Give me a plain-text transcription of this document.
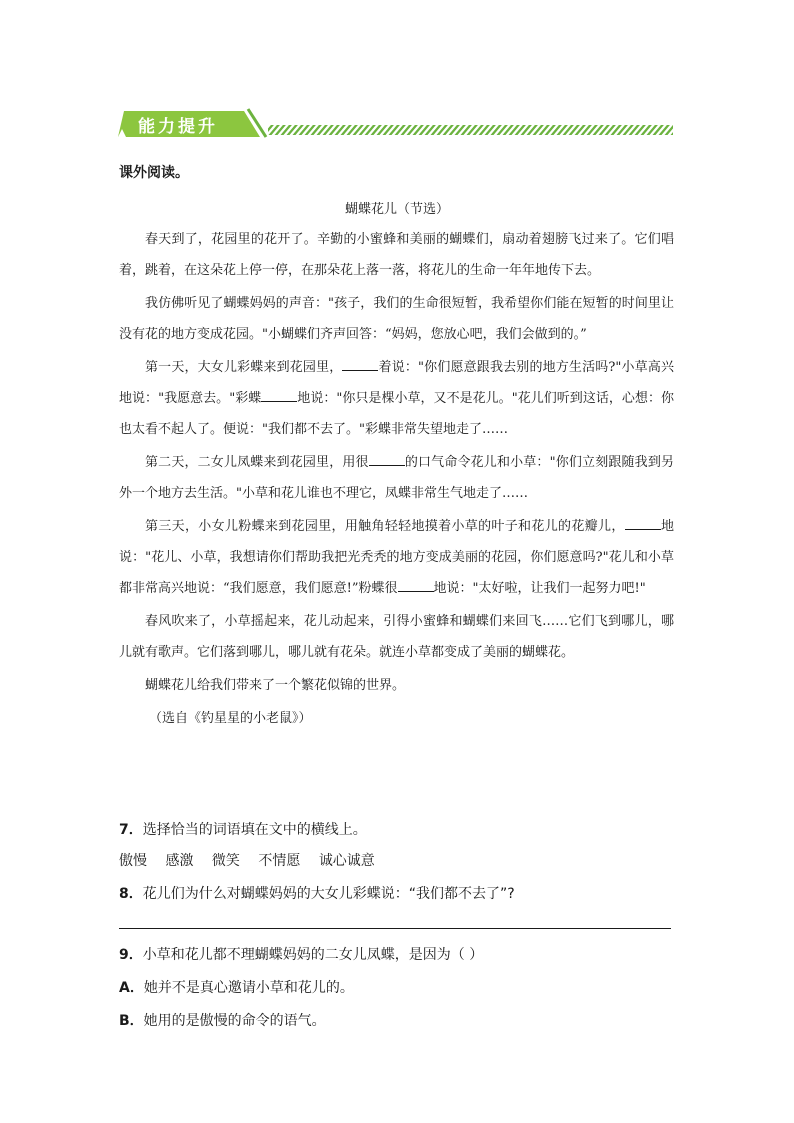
能力提升
课外阅读。
蝴蝶花儿（节选）

春天到了，花园里的花开了。辛勤的小蜜蜂和美丽的蝴蝶们，扇动着翅膀飞过来了。它们唱着，跳着，在这朵花上停一停，在那朵花上落一落，将花儿的生命一年年地传下去。

我仿佛听见了蝴蝶妈妈的声音："孩子，我们的生命很短暂，我希望你们能在短暂的时间里让没有花的地方变成花园。"小蝴蝶们齐声回答：“妈妈，您放心吧，我们会做到的。”

第一天，大女儿彩蝶来到花园里，	着说："你们愿意跟我去别的地方生活吗?"小草高兴地说："我愿意去。"彩蝶	地说："你只是棵小草，又不是花儿。"花儿们听到这话，心想：你也太看不起人了。便说："我们都不去了。"彩蝶非常失望地走了……

第二天，二女儿凤蝶来到花园里，用很	的口气命令花儿和小草："你们立刻跟随我到另外一个地方去生活。"小草和花儿谁也不理它，凤蝶非常生气地走了……

第三天，小女儿粉蝶来到花园里，用触角轻轻地摸着小草的叶子和花儿的花瓣儿，	地说："花儿、小草，我想请你们帮助我把光秃秃的地方变成美丽的花园，你们愿意吗?"花儿和小草都非常高兴地说：“我们愿意，我们愿意!”粉蝶很	地说："太好啦，让我们一起努力吧!"

春风吹来了，小草摇起来，花儿动起来，引得小蜜蜂和蝴蝶们来回飞……它们飞到哪儿，哪儿就有歌声。它们落到哪儿，哪儿就有花朵。就连小草都变成了美丽的蝴蝶花。

蝴蝶花儿给我们带来了一个繁花似锦的世界。

（选自《钓星星的小老鼠》）

7．选择恰当的词语填在文中的横线上。
傲慢 感激 微笑 不情愿 诚心诚意
8．花儿们为什么对蝴蝶妈妈的大女儿彩蝶说：“我们都不去了”?
9．小草和花儿都不理蝴蝶妈妈的二女儿凤蝶，是因为（ ）
A．她并不是真心邀请小草和花儿的。
B．她用的是傲慢的命令的语气。
